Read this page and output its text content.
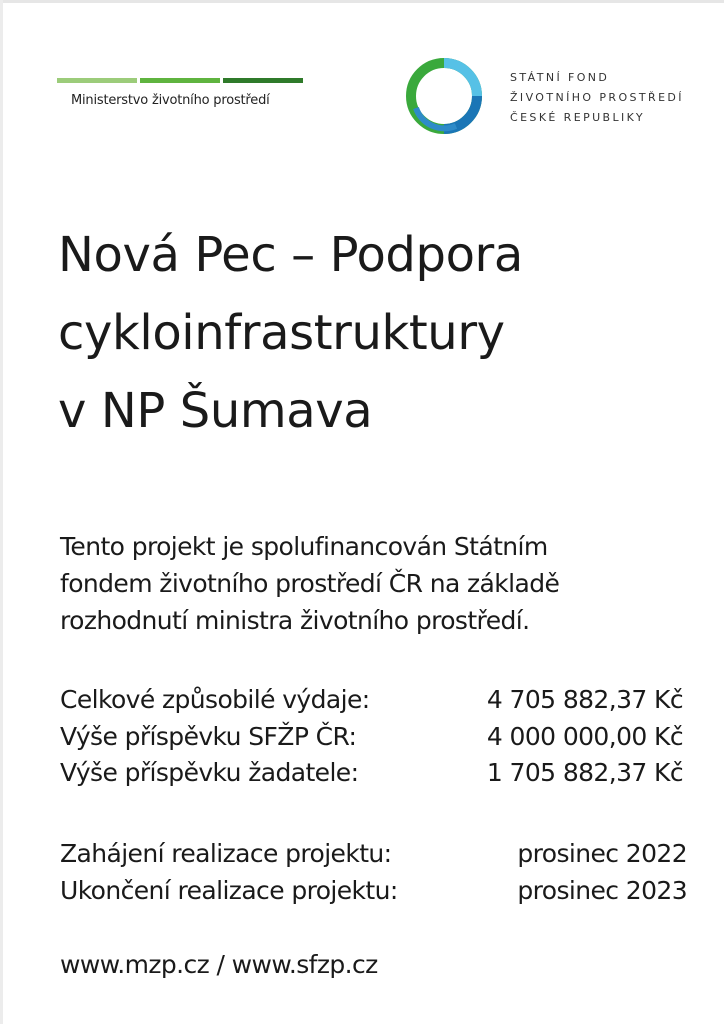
Ministerstvo životního prostředí
STÁTNÍ FOND
ŽIVOTNÍHO PROSTŘEDÍ
ČESKÉ REPUBLIKY
Nová Pec – Podpora
cykloinfrastruktury
v NP Šumava
Tento projekt je spolufinancován Státním
fondem životního prostředí ČR na základě
rozhodnutí ministra životního prostředí.
Celkové způsobilé výdaje:	4 705 882,37 Kč
Výše příspěvku SFŽP ČR:	4 000 000,00 Kč
Výše příspěvku žadatele:	1 705 882,37 Kč
Zahájení realizace projektu:	prosinec 2022
Ukončení realizace projektu:	prosinec 2023
www.mzp.cz / www.sfzp.cz
